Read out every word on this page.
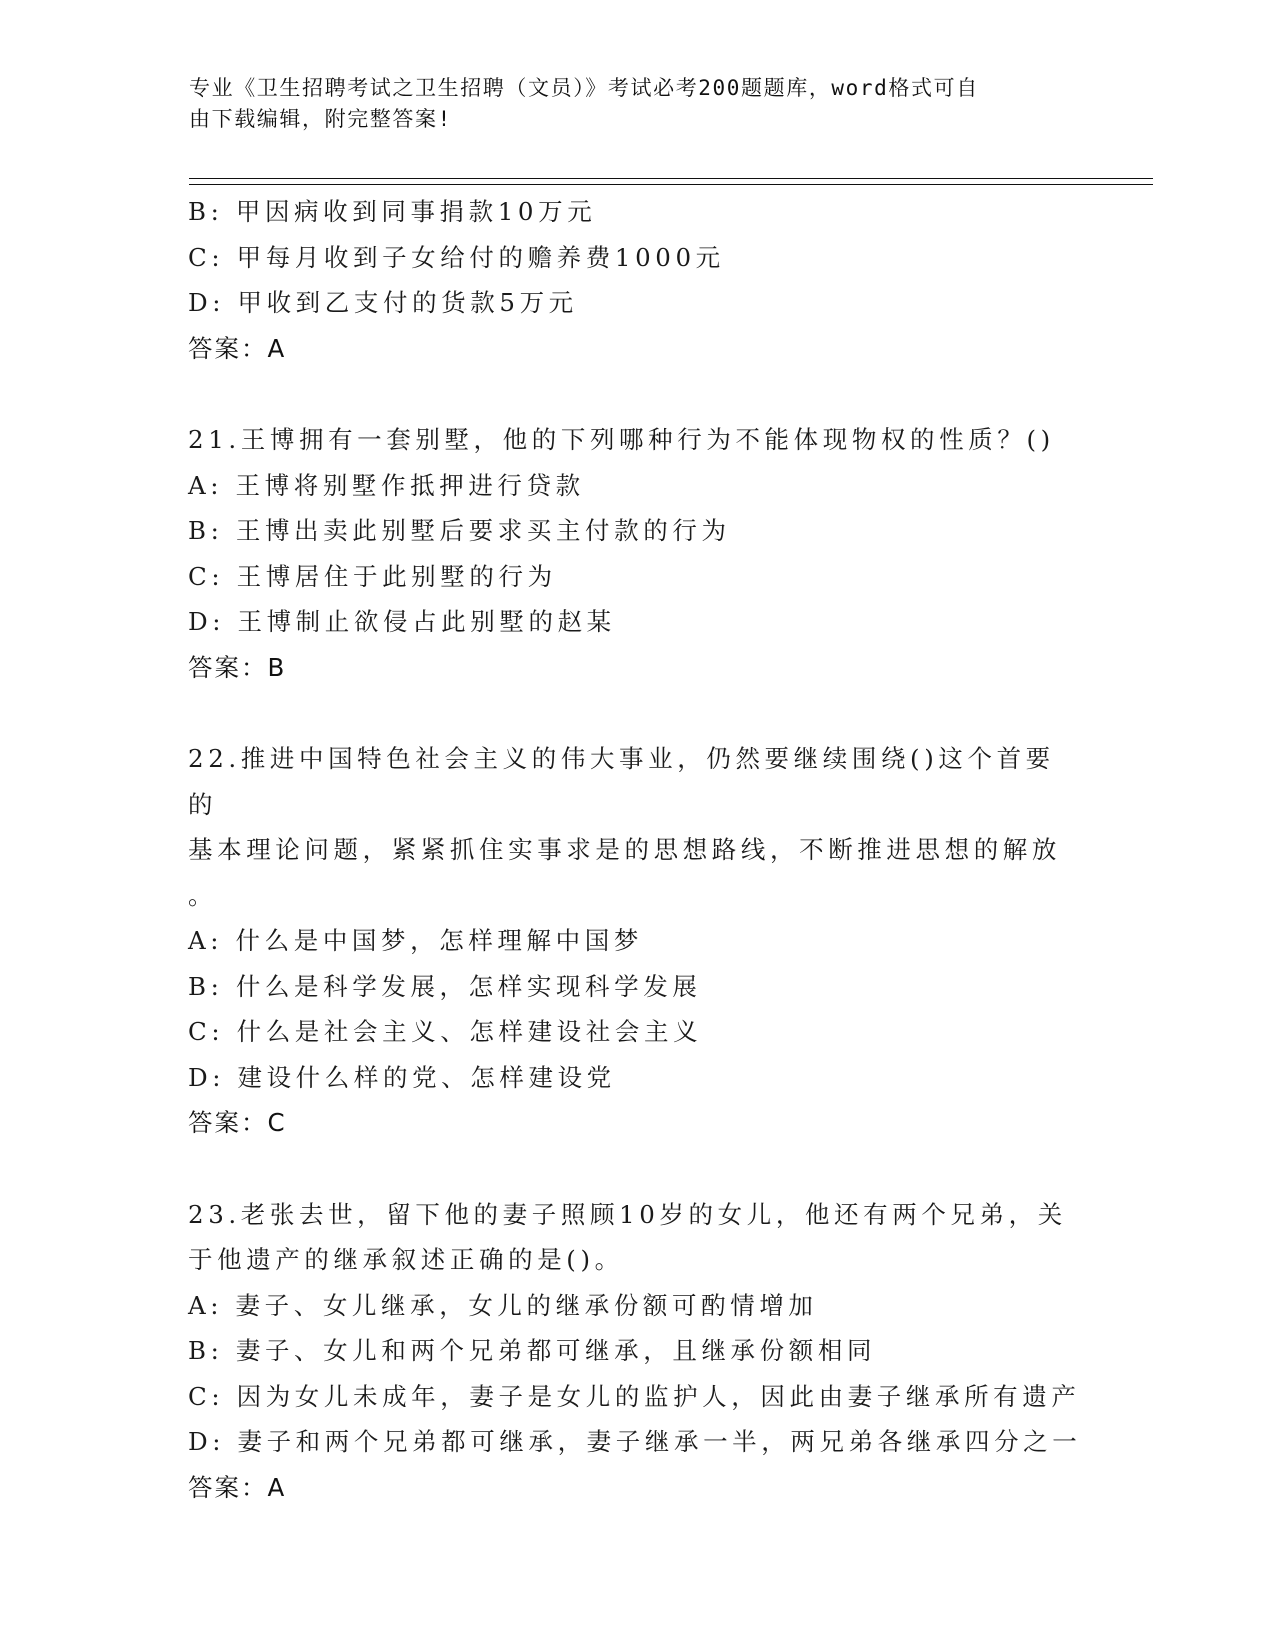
专业《卫生招聘考试之卫生招聘（文员）》考试必考200题题库，word格式可自
由下载编辑，附完整答案!
B: 甲因病收到同事捐款10万元
C: 甲每月收到子女给付的赡养费1000元
D: 甲收到乙支付的货款5万元
答案：A
21.王博拥有一套别墅，他的下列哪种行为不能体现物权的性质？()
A: 王博将别墅作抵押进行贷款
B: 王博出卖此别墅后要求买主付款的行为
C: 王博居住于此别墅的行为
D: 王博制止欲侵占此别墅的赵某
答案：B
22.推进中国特色社会主义的伟大事业，仍然要继续围绕()这个首要的
基本理论问题，紧紧抓住实事求是的思想路线，不断推进思想的解放
。
A: 什么是中国梦，怎样理解中国梦
B: 什么是科学发展，怎样实现科学发展
C: 什么是社会主义、怎样建设社会主义
D: 建设什么样的党、怎样建设党
答案：C
23.老张去世，留下他的妻子照顾10岁的女儿，他还有两个兄弟，关
于他遗产的继承叙述正确的是()。
A: 妻子、女儿继承，女儿的继承份额可酌情增加
B: 妻子、女儿和两个兄弟都可继承，且继承份额相同
C: 因为女儿未成年，妻子是女儿的监护人，因此由妻子继承所有遗产
D: 妻子和两个兄弟都可继承，妻子继承一半，两兄弟各继承四分之一
答案：A
